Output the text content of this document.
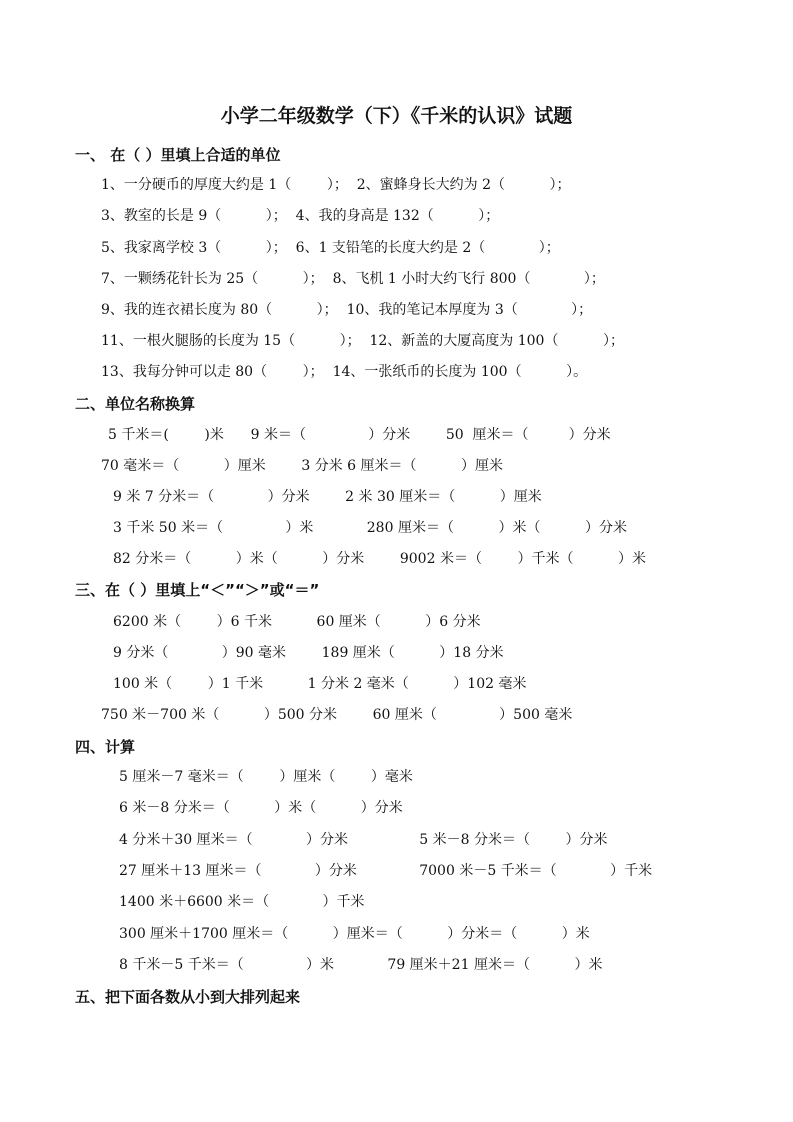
小学二年级数学（下）《千米的认识》试题
一、 在（ ）里填上合适的单位
1、一分硬币的厚度大约是 1（        ）；  2、蜜蜂身长大约为 2（          ）；
3、教室的长是 9（          ）；  4、我的身高是 132（          ）；
5、我家离学校 3（          ）；  6、1 支铅笔的长度大约是 2（            ）；
7、一颗绣花针长为 25（          ）；  8、飞机 1 小时大约飞行 800（            ）；
9、我的连衣裙长度为 80（          ）；  10、我的笔记本厚度为 3（            ）；
11、一根火腿肠的长度为 15（          ）；  12、新盖的大厦高度为 100（          ）；
13、我每分钟可以走 80（        ）；  14、一张纸币的长度为 100（          ）。
二、单位名称换算
5 千米＝(        )米      9 米＝（              ）分米        50  厘米＝（         ）分米
70 毫米＝（          ）厘米        3 分米 6 厘米＝（          ）厘米
9 米 7 分米＝（            ）分米        2 米 30 厘米＝（          ）厘米
3 千米 50 米＝（              ）米            280 厘米＝（          ）米（          ）分米
82 分米＝（          ）米（          ）分米        9002 米＝（        ）千米（          ）米
三、在（ ）里填上“＜”“＞”或“＝”
6200 米（        ）6 千米          60 厘米（          ）6 分米
9 分米（            ）90 毫米        189 厘米（          ）18 分米
100 米（        ）1 千米          1 分米 2 毫米（          ）102 毫米
750 米－700 米（          ）500 分米        60 厘米（              ）500 毫米
四、计算
5 厘米－7 毫米＝（        ）厘米（        ）毫米
6 米－8 分米＝（          ）米（          ）分米
4 分米＋30 厘米＝（            ）分米                5 米－8 分米＝（        ）分米
27 厘米＋13 厘米＝（            ）分米              7000 米－5 千米＝（            ）千米
1400 米＋6600 米＝（            ）千米
300 厘米＋1700 厘米＝（          ）厘米＝（          ）分米＝（          ）米
8 千米－5 千米＝（              ）米            79 厘米＋21 厘米＝（          ）米
五、把下面各数从小到大排列起来
